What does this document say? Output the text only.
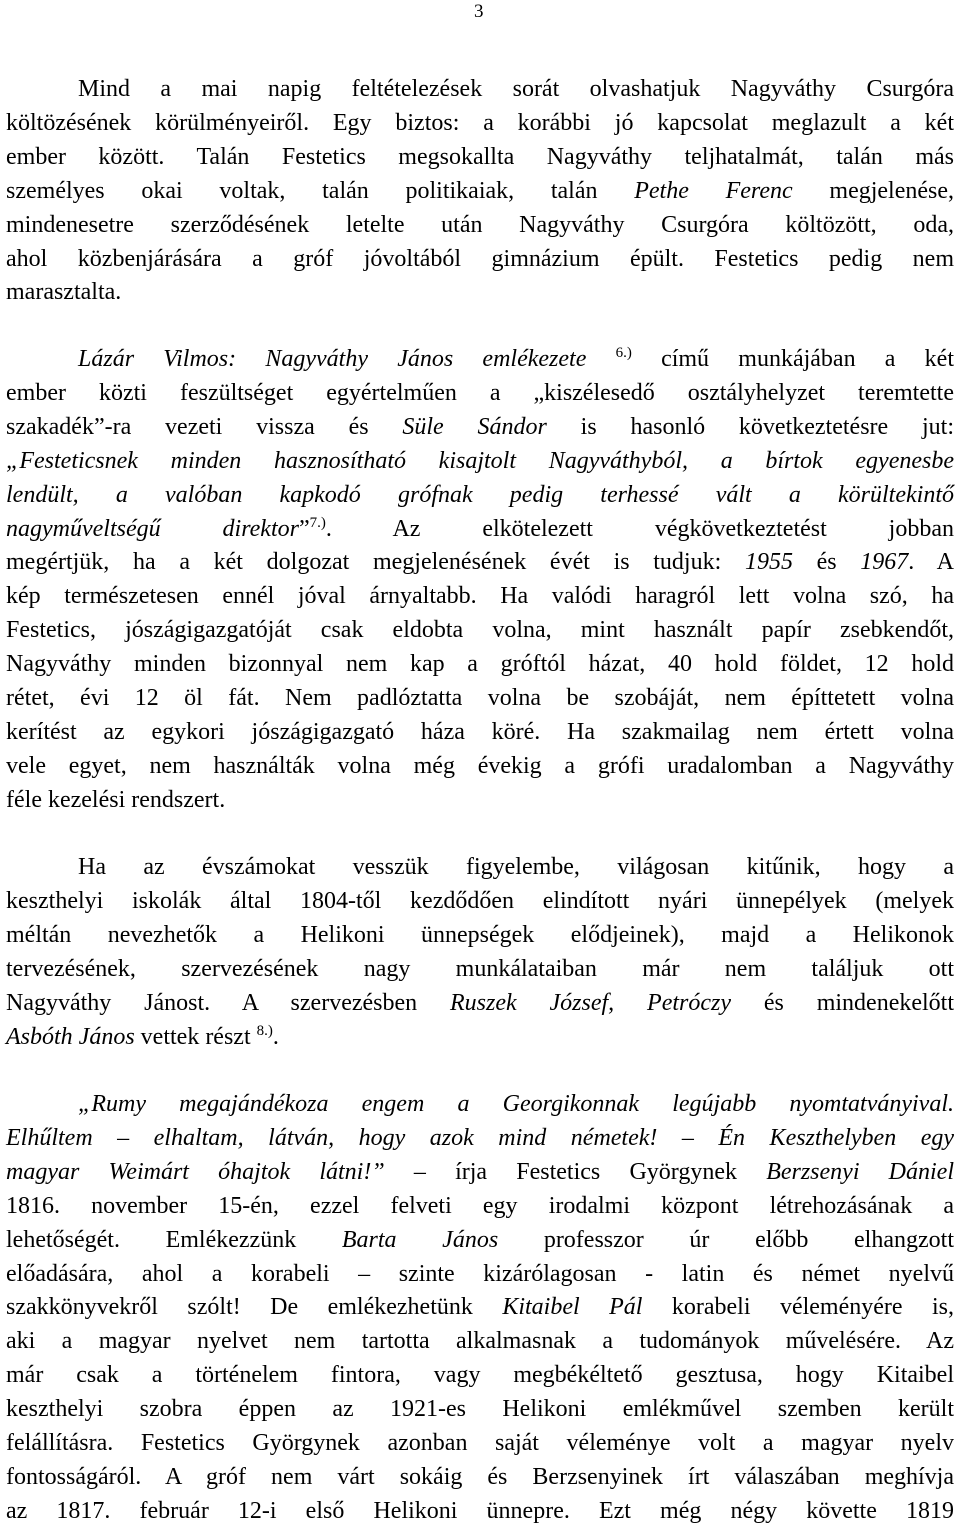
3
Mind a mai napig feltételezések sorát olvashatjuk Nagyváthy Csurgóra
költözésének körülményeiről. Egy biztos: a korábbi jó kapcsolat meglazult a két
ember között. Talán Festetics megsokallta Nagyváthy teljhatalmát, talán más
személyes okai voltak, talán politikaiak, talán Pethe Ferenc megjelenése,
mindenesetre szerződésének letelte után Nagyváthy Csurgóra költözött, oda,
ahol közbenjárására a gróf jóvoltából gimnázium épült. Festetics pedig nem
marasztalta.
Lázár Vilmos: Nagyváthy János emlékezete $^{6.)}$ című munkájában a két
ember közti feszültséget egyértelműen a „kiszélesedő osztályhelyzet teremtette
szakadék”-ra vezeti vissza és Süle Sándor is hasonló következtetésre jut:
„Festeticsnek minden hasznosítható kisajtolt Nagyváthyból, a bírtok egyenesbe
lendült, a valóban kapkodó grófnak pedig terhessé vált a körültekintő
nagyműveltségű direktor”$^{7.)}$. Az elkötelezett végkövetkeztetést jobban
megértjük, ha a két dolgozat megjelenésének évét is tudjuk: 1955 és 1967. A
kép természetesen ennél jóval árnyaltabb. Ha valódi haragról lett volna szó, ha
Festetics, jószágigazgatóját csak eldobta volna, mint használt papír zsebkendőt,
Nagyváthy minden bizonnyal nem kap a gróftól házat, 40 hold földet, 12 hold
rétet, évi 12 öl fát. Nem padlóztatta volna be szobáját, nem építtetett volna
kerítést az egykori jószágigazgató háza köré. Ha szakmailag nem értett volna
vele egyet, nem használták volna még évekig a grófi uradalomban a Nagyváthy
féle kezelési rendszert.
Ha az évszámokat vesszük figyelembe, világosan kitűnik, hogy a
keszthelyi iskolák által 1804-től kezdődően elindított nyári ünnepélyek (melyek
méltán nevezhetők a Helikoni ünnepségek elődjeinek), majd a Helikonok
tervezésének, szervezésének nagy munkálataiban már nem találjuk ott
Nagyváthy Jánost. A szervezésben Ruszek József, Petróczy és mindenekelőtt
Asbóth János vettek részt $^{8.)}$.
„Rumy megajándékoza engem a Georgikonnak legújabb nyomtatványival.
Elhűltem – elhaltam, látván, hogy azok mind németek! – Én Keszthelyben egy
magyar Weimárt óhajtok látni!” – írja Festetics Györgynek Berzsenyi Dániel
1816. november 15-én, ezzel felveti egy irodalmi központ létrehozásának a
lehetőségét. Emlékezzünk Barta János professzor úr előbb elhangzott
előadására, ahol a korabeli – szinte kizárólagosan - latin és német nyelvű
szakkönyvekről szólt! De emlékezhetünk Kitaibel Pál korabeli véleményére is,
aki a magyar nyelvet nem tartotta alkalmasnak a tudományok művelésére. Az
már csak a történelem fintora, vagy megbékéltető gesztusa, hogy Kitaibel
keszthelyi szobra éppen az 1921-es Helikoni emlékművel szemben került
felállításra. Festetics Györgynek azonban saját véleménye volt a magyar nyelv
fontosságáról. A gróf nem várt sokáig és Berzsenyinek írt válaszában meghívja
az 1817. február 12-i első Helikoni ünnepre. Ezt még négy követte 1819
